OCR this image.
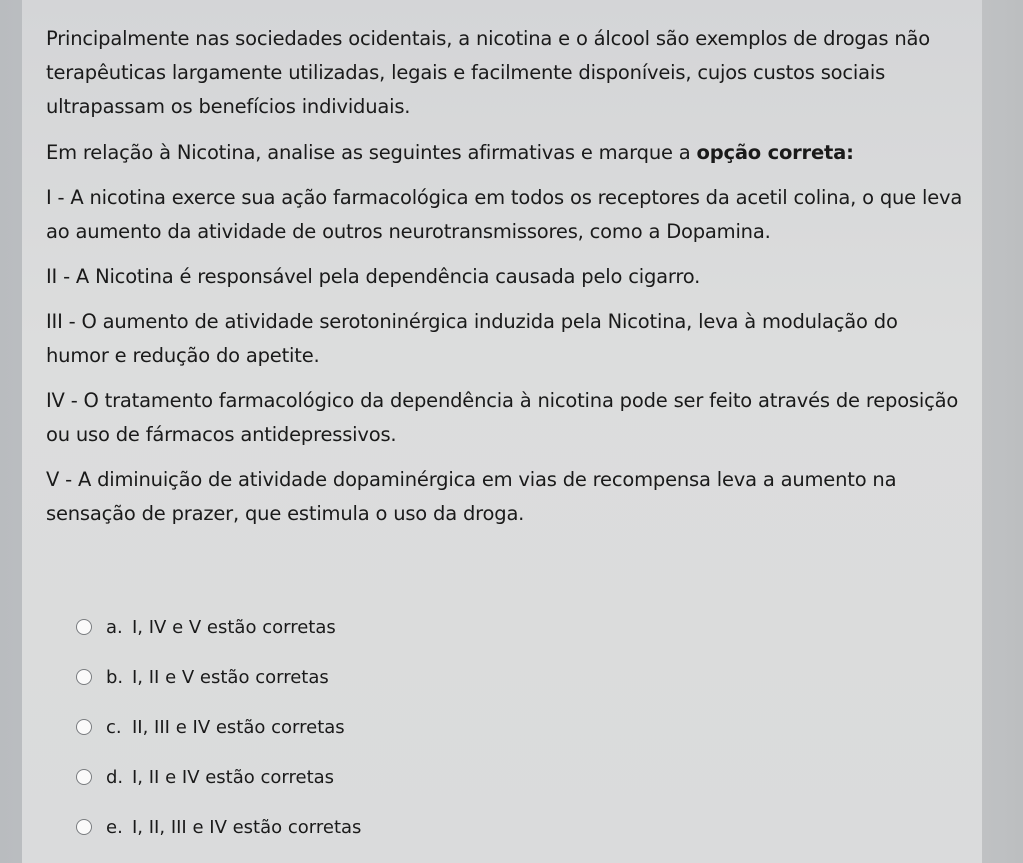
Principalmente nas sociedades ocidentais, a nicotina e o álcool são exemplos de drogas não terapêuticas largamente utilizadas, legais e facilmente disponíveis, cujos custos sociais ultrapassam os benefícios individuais.

Em relação à Nicotina, analise as seguintes afirmativas e marque a opção correta:

I - A nicotina exerce sua ação farmacológica em todos os receptores da acetil colina, o que leva ao aumento da atividade de outros neurotransmissores, como a Dopamina.

II - A Nicotina é responsável pela dependência causada pelo cigarro.

III - O aumento de atividade serotoninérgica induzida pela Nicotina, leva à modulação do humor e redução do apetite.

IV - O tratamento farmacológico da dependência à nicotina pode ser feito através de reposição ou uso de fármacos antidepressivos.

V - A diminuição de atividade dopaminérgica em vias de recompensa leva a aumento na sensação de prazer, que estimula o uso da droga.

a. I, IV e V estão corretas
b. I, II e V estão corretas
c. II, III e IV estão corretas
d. I, II e IV estão corretas
e. I, II, III e IV estão corretas
